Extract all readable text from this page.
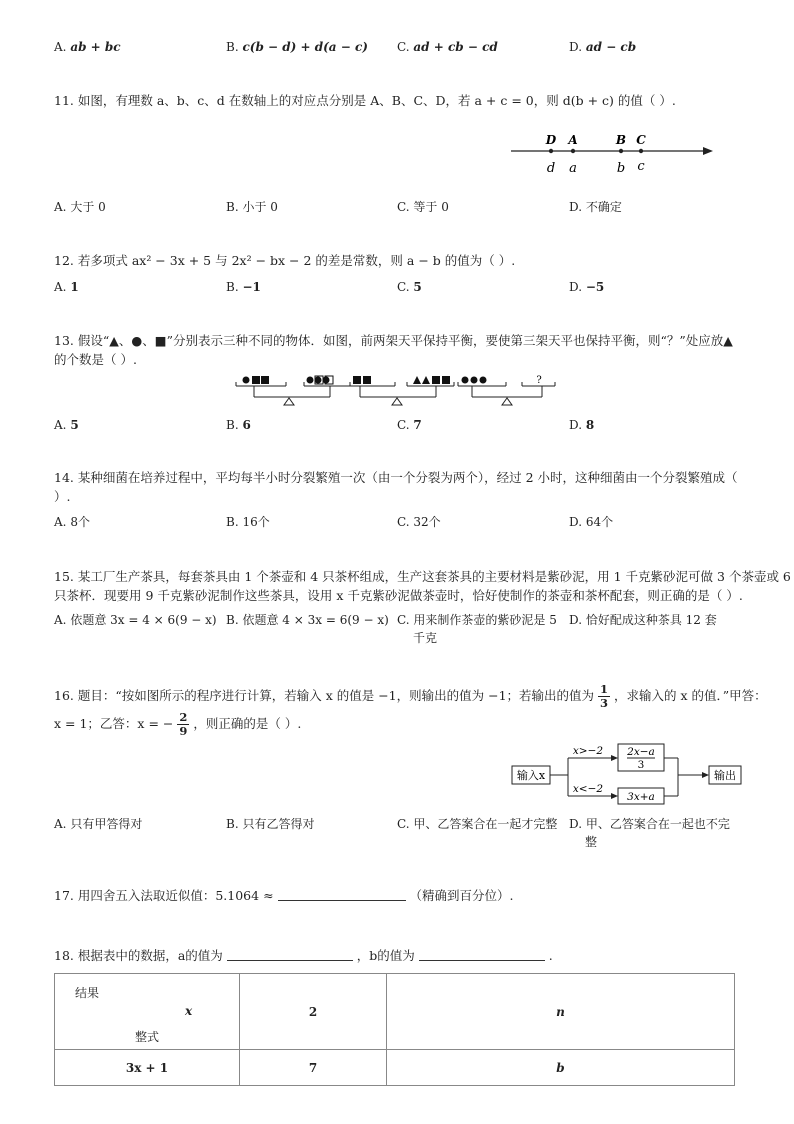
A. ab + bc	B. c(b − d) + d(a − c) C. ad + cb − cd	D. ad − cb
11. 如图，有理数 a、b、c、d 在数轴上的对应点分别是 A、B、C、D，若 a + c = 0，则 d(b + c) 的值（ ）.
D A	B C
d a	b c
A. 大于 0	B. 小于 0	C. 等于 0	D. 不确定
12. 若多项式 ax² − 3x + 5 与 2x² − bx − 2 的差是常数，则 a − b 的值为（ ）.
A. 1	B. −1	C. 5	D. −5
13. 假设“▲、●、■”分别表示三种不同的物体．如图，前两架天平保持平衡，要使第三架天平也保持平衡，则“？”处应放▲
的个数是（ ）.
?
A. 5	B. 6	C. 7	D. 8
14. 某种细菌在培养过程中，平均每半小时分裂繁殖一次（由一个分裂为两个），经过 2 小时，这种细菌由一个分裂繁殖成（
）.
A. 8个	B. 16个	C. 32个	D. 64个
15. 某工厂生产茶具，每套茶具由 1 个茶壶和 4 只茶杯组成，生产这套茶具的主要材料是紫砂泥，用 1 千克紫砂泥可做 3 个茶壶或 6
只茶杯．现要用 9 千克紫砂泥制作这些茶具，设用 x 千克紫砂泥做茶壶时，恰好使制作的茶壶和茶杯配套，则正确的是（ ）.
A. 依题意 3x = 4 × 6(9 − x) B. 依题意 4 × 3x = 6(9 − x) C. 用来制作茶壶的紫砂泥是 5
千克
D. 恰好配成这种茶具 12 套
16. 题目：“按如图所示的程序进行计算，若输入 x 的值是 −1，则输出的值为 −1；若输出的值为 $\frac{1}{3}$ ，求输入的 x 的值．”甲答：
x = 1；乙答：x = − $\frac{2}{9}$ ，则正确的是（ ）.
输入x
x>−2
x<−2
2x−a
3
3x+a
输出
A. 只有甲答得对	B. 只有乙答得对	C. 甲、乙答案合在一起才完整 D. 甲、乙答案合在一起也不完
整
17. 用四舍五入法取近似值：5.1064 ≈	（精确到百分位）.
18. 根据表中的数据，a的值为	，b的值为	.
结果
x
整式	2	n
3x + 1	7	b
